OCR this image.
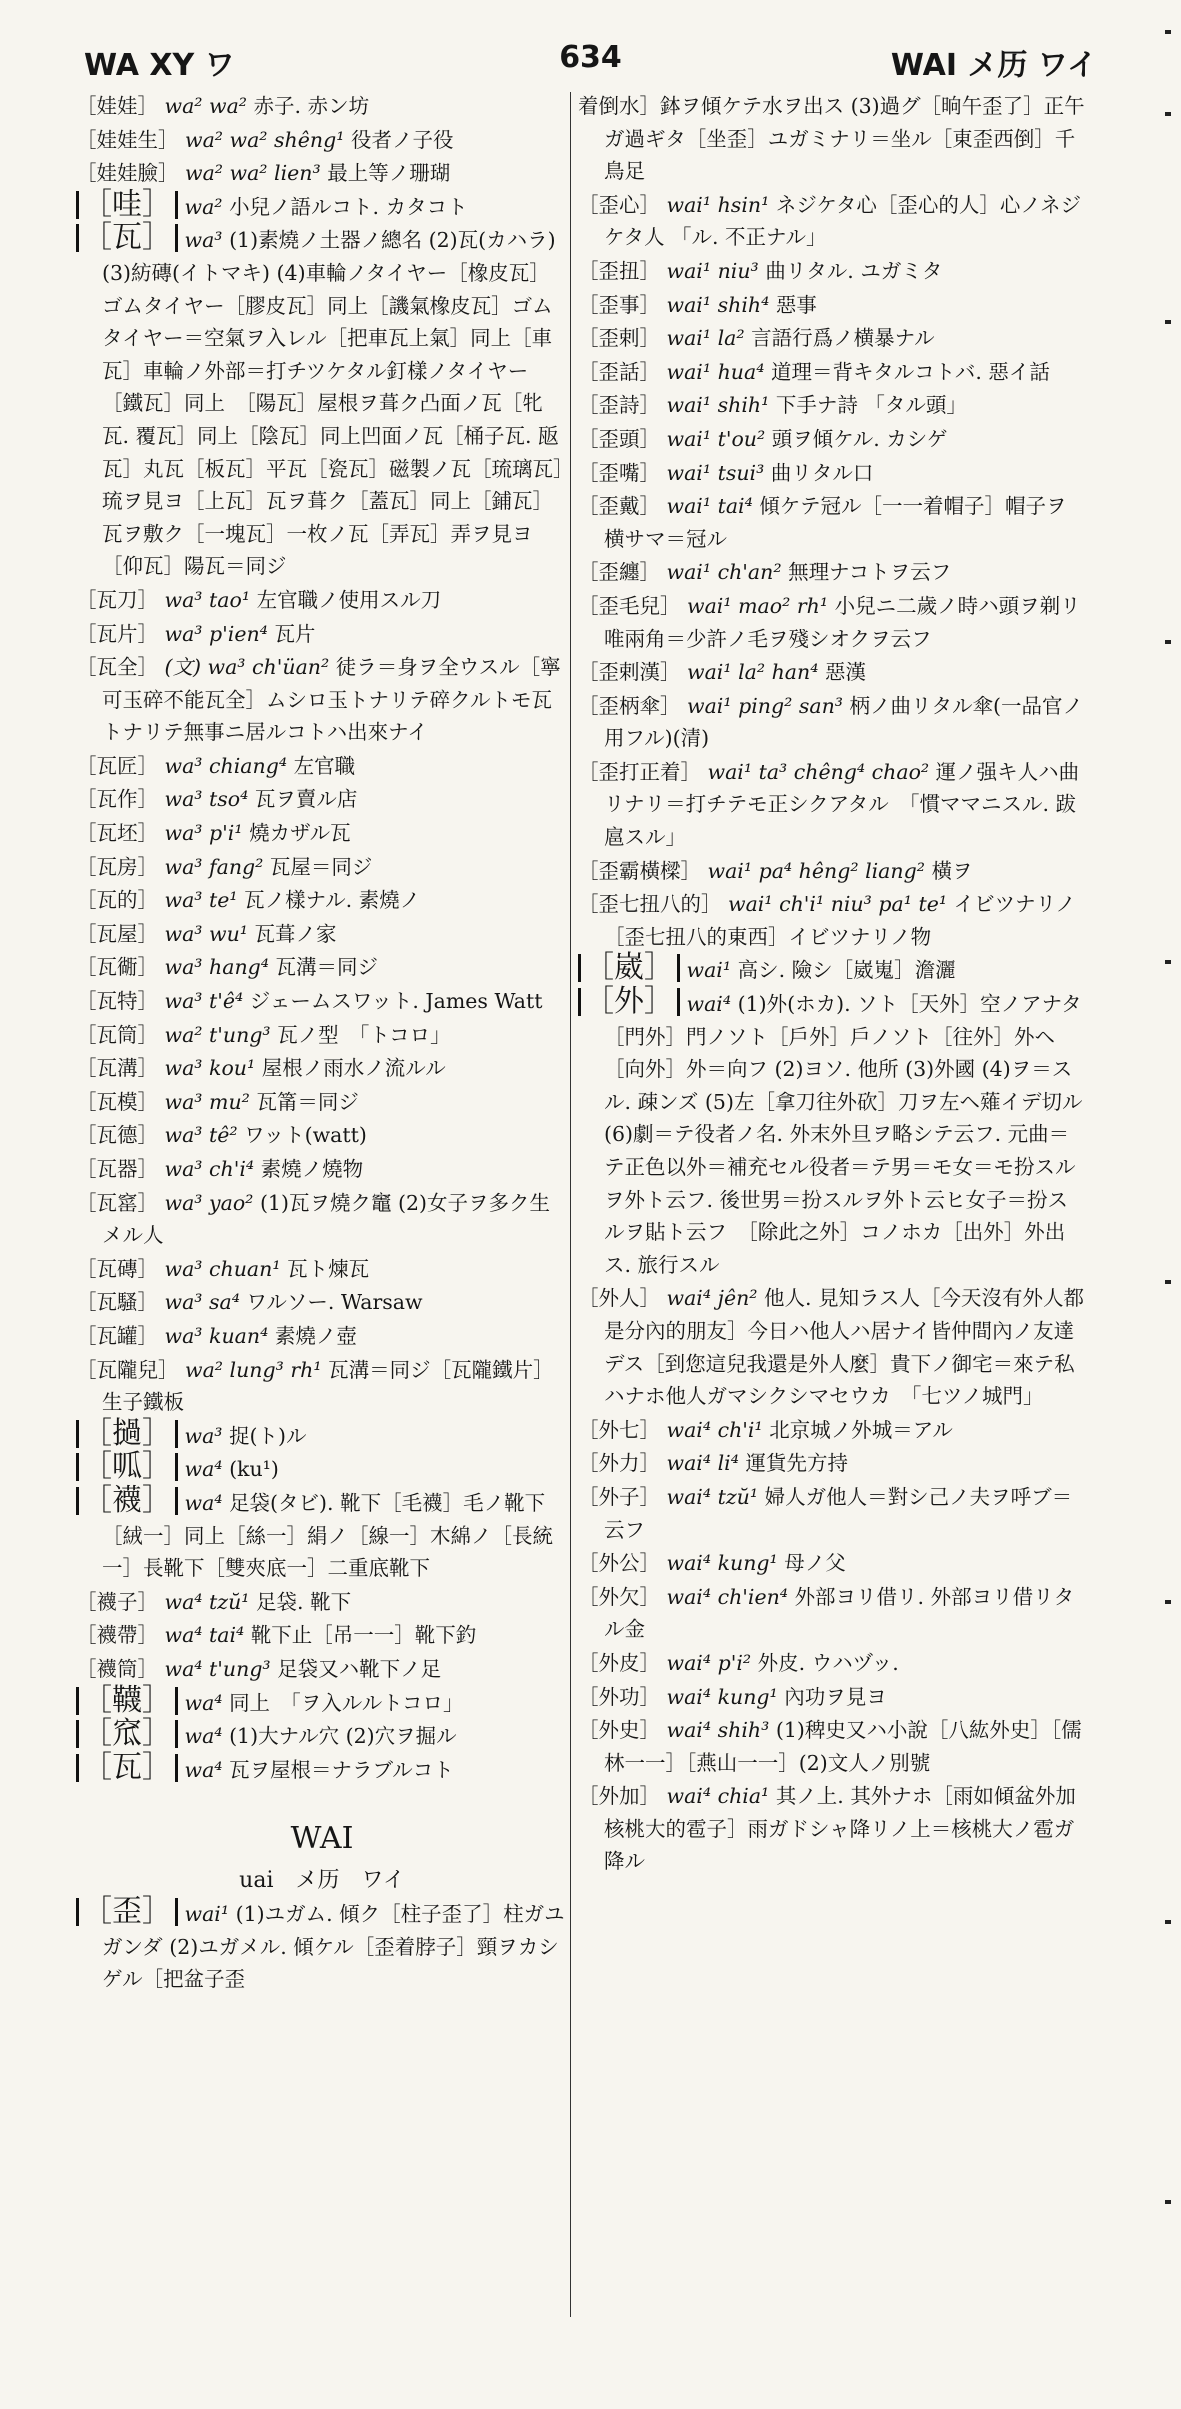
WA XY ワ	634	WAI メ历 ワイ
［娃娃］ wa² wa² 赤子. 赤ン坊
［娃娃生］ wa² wa² shêng¹ 役者ノ子役
［娃娃臉］ wa² wa² lien³ 最上等ノ珊瑚
［哇］ wa² 小兒ノ語ルコト. カタコト
［瓦］ wa³ (1)素燒ノ土器ノ總名 (2)瓦(カハラ) (3)紡磚(イトマキ) (4)車輪ノタイヤー［橡皮瓦］ゴムタイヤー［膠皮瓦］同上［譏氣橡皮瓦］ゴムタイヤー＝空氣ヲ入レル［把車瓦上氣］同上［車瓦］車輪ノ外部＝打チツケタル釘樣ノタイヤー［鐵瓦］同上　［陽瓦］屋根ヲ葺ク凸面ノ瓦［牝瓦. 覆瓦］同上［陰瓦］同上凹面ノ瓦［桶子瓦. 瓪瓦］丸瓦［板瓦］平瓦［瓷瓦］磁製ノ瓦［琉璃瓦］琉ヲ見ヨ［上瓦］瓦ヲ葺ク［蓋瓦］同上［鋪瓦］瓦ヲ敷ク［一塊瓦］一枚ノ瓦［弄瓦］弄ヲ見ヨ［仰瓦］陽瓦＝同ジ
［瓦刀］ wa³ tao¹ 左官職ノ使用スル刀
［瓦片］ wa³ p'ien⁴ 瓦片
［瓦全］ (文) wa³ ch'üan² 徒ラ＝身ヲ全ウスル［寧可玉碎不能瓦全］ムシロ玉トナリテ碎クルトモ瓦トナリテ無事ニ居ルコトハ出來ナイ
［瓦匠］ wa³ chiang⁴ 左官職
［瓦作］ wa³ tso⁴ 瓦ヲ賣ル店
［瓦坯］ wa³ p'i¹ 燒カザル瓦
［瓦房］ wa³ fang² 瓦屋＝同ジ
［瓦的］ wa³ te¹ 瓦ノ樣ナル. 素燒ノ
［瓦屋］ wa³ wu¹ 瓦葺ノ家
［瓦衚］ wa³ hang⁴ 瓦溝＝同ジ
［瓦特］ wa³ t'ê⁴ ジェームスワット. James Watt
［瓦筒］ wa² t'ung³ 瓦ノ型　「トコロ」
［瓦溝］ wa³ kou¹ 屋根ノ雨水ノ流ルル
［瓦模］ wa³ mu² 瓦筩＝同ジ
［瓦德］ wa³ tê² ワット(watt)
［瓦器］ wa³ ch'i⁴ 素燒ノ燒物
［瓦窰］ wa³ yao² (1)瓦ヲ燒ク竈 (2)女子ヲ多ク生メル人
［瓦磚］ wa³ chuan¹ 瓦ト煉瓦
［瓦騷］ wa³ sa⁴ ワルソー. Warsaw
［瓦罐］ wa³ kuan⁴ 素燒ノ壺
［瓦隴兒］ wa² lung³ rh¹ 瓦溝＝同ジ［瓦隴鐵片］生子鐵板
［撾］ wa³ 捉(ト)ル
［呱］ wa⁴ (ku¹)
［襪］ wa⁴ 足袋(タビ). 靴下［毛襪］毛ノ靴下［絨一］同上［絲一］絹ノ［線一］木綿ノ［長統一］長靴下［雙夾底一］二重底靴下
［襪子］ wa⁴ tzŭ¹ 足袋. 靴下
［襪帶］ wa⁴ tai⁴ 靴下止［吊一一］靴下釣
［襪筒］ wa⁴ t'ung³ 足袋又ハ靴下ノ足
［韈］ wa⁴ 同上　「ヲ入ルルトコロ」
［窊］ wa⁴ (1)大ナル穴 (2)穴ヲ掘ル
［瓦］ wa⁴ 瓦ヲ屋根＝ナラブルコト
WAI
uai　メ历　ワイ
［歪］ wai¹ (1)ユガム. 傾ク［柱子歪了］柱ガユガンダ (2)ユガメル. 傾ケル［歪着脖子］頸ヲカシゲル［把盆子歪
着倒水］鉢ヲ傾ケテ水ヲ出ス (3)過グ［晌午歪了］正午ガ過ギタ［坐歪］ユガミナリ＝坐ル［東歪西倒］千鳥足
［歪心］ wai¹ hsin¹ ネジケタ心［歪心的人］心ノネジケタ人 「ル. 不正ナル」
［歪扭］ wai¹ niu³ 曲リタル. ユガミタ
［歪事］ wai¹ shih⁴ 惡事
［歪剌］ wai¹ la² 言語行爲ノ横暴ナル
［歪話］ wai¹ hua⁴ 道理＝背キタルコトバ. 惡イ話
［歪詩］ wai¹ shih¹ 下手ナ詩 「タル頭」
［歪頭］ wai¹ t'ou² 頭ヲ傾ケル. カシゲ
［歪嘴］ wai¹ tsui³ 曲リタル口
［歪戴］ wai¹ tai⁴ 傾ケテ冠ル［一一着帽子］帽子ヲ横サマ＝冠ル
［歪纏］ wai¹ ch'an² 無理ナコトヲ云フ
［歪毛兒］ wai¹ mao² rh¹ 小兒ニ二歲ノ時ハ頭ヲ剃リ唯兩角＝少許ノ毛ヲ殘シオクヲ云フ
［歪剌漢］ wai¹ la² han⁴ 惡漢
［歪柄傘］ wai¹ ping² san³ 柄ノ曲リタル傘(一品官ノ用フル)(清)
［歪打正着］ wai¹ ta³ chêng⁴ chao² 運ノ强キ人ハ曲リナリ＝打チテモ正シクアタル　「慣ママニスル. 跋扈スル」
［歪霸橫樑］ wai¹ pa⁴ hêng² liang² 橫ヲ
［歪七扭八的］ wai¹ ch'i¹ niu³ pa¹ te¹ イビツナリノ［歪七扭八的東西］イビツナリノ物
［崴］ wai¹ 高シ. 險シ［崴嵬］澹灑
［外］ wai⁴ (1)外(ホカ). ソト［天外］空ノアナタ［門外］門ノソト［戶外］戶ノソト［往外］外ヘ［向外］外＝向フ (2)ヨソ. 他所 (3)外國 (4)ヲ＝スル. 疎ンズ (5)左［拿刀往外砍］刀ヲ左ヘ薙イデ切ル (6)劇＝テ役者ノ名. 外末外旦ヲ略シテ云フ. 元曲＝テ正色以外＝補充セル役者＝テ男＝モ女＝モ扮スルヲ外ト云フ. 後世男＝扮スルヲ外ト云ヒ女子＝扮スルヲ貼ト云フ　［除此之外］コノホカ［出外］外出ス. 旅行スル
［外人］ wai⁴ jên² 他人. 見知ラス人［今天沒有外人都是分內的朋友］今日ハ他人ハ居ナイ皆仲間內ノ友達デス［到您這兒我還是外人麼］貴下ノ御宅＝來テ私ハナホ他人ガマシクシマセウカ　「七ツノ城門」
［外七］ wai⁴ ch'i¹ 北京城ノ外城＝アル
［外力］ wai⁴ li⁴ 運貨先方持
［外子］ wai⁴ tzŭ¹ 婦人ガ他人＝對シ己ノ夫ヲ呼ブ＝云フ
［外公］ wai⁴ kung¹ 母ノ父
［外欠］ wai⁴ ch'ien⁴ 外部ヨリ借リ. 外部ヨリ借リタル金
［外皮］ wai⁴ p'i² 外皮. ウハヅッ.
［外功］ wai⁴ kung¹ 內功ヲ見ヨ
［外史］ wai⁴ shih³ (1)稗史又ハ小說［八紘外史］［儒林一一］［燕山一一］(2)文人ノ別號
［外加］ wai⁴ chia¹ 其ノ上. 其外ナホ［雨如傾盆外加核桃大的雹子］雨ガドシャ降リノ上＝核桃大ノ雹ガ降ル
